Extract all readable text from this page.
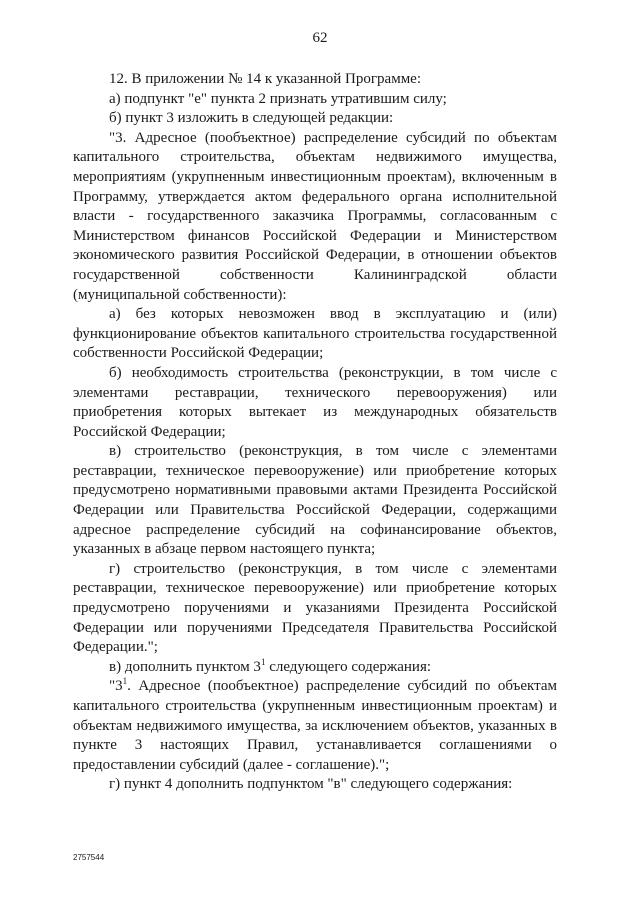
62

12. В приложении № 14 к указанной Программе:

а) подпункт "е" пункта 2 признать утратившим силу;

б) пункт 3 изложить в следующей редакции:

"3. Адресное (пообъектное) распределение субсидий по объектам капитального строительства, объектам недвижимого имущества, мероприятиям (укрупненным инвестиционным проектам), включенным в Программу, утверждается актом федерального органа исполнительной власти - государственного заказчика Программы, согласованным с Министерством финансов Российской Федерации и Министерством экономического развития Российской Федерации, в отношении объектов государственной собственности Калининградской области (муниципальной собственности):

а) без которых невозможен ввод в эксплуатацию и (или) функционирование объектов капитального строительства государственной собственности Российской Федерации;

б) необходимость строительства (реконструкции, в том числе с элементами реставрации, технического перевооружения) или приобретения которых вытекает из международных обязательств Российской Федерации;

в) строительство (реконструкция, в том числе с элементами реставрации, техническое перевооружение) или приобретение которых предусмотрено нормативными правовыми актами Президента Российской Федерации или Правительства Российской Федерации, содержащими адресное распределение субсидий на софинансирование объектов, указанных в абзаце первом настоящего пункта;

г) строительство (реконструкция, в том числе с элементами реставрации, техническое перевооружение) или приобретение которых предусмотрено поручениями и указаниями Президента Российской Федерации или поручениями Председателя Правительства Российской Федерации.";

в) дополнить пунктом $3^1$ следующего содержания:

"$3^1$. Адресное (пообъектное) распределение субсидий по объектам капитального строительства (укрупненным инвестиционным проектам) и объектам недвижимого имущества, за исключением объектов, указанных в пункте 3 настоящих Правил, устанавливается соглашениями о предоставлении субсидий (далее - соглашение).";

г) пункт 4 дополнить подпунктом "в" следующего содержания:

2757544
